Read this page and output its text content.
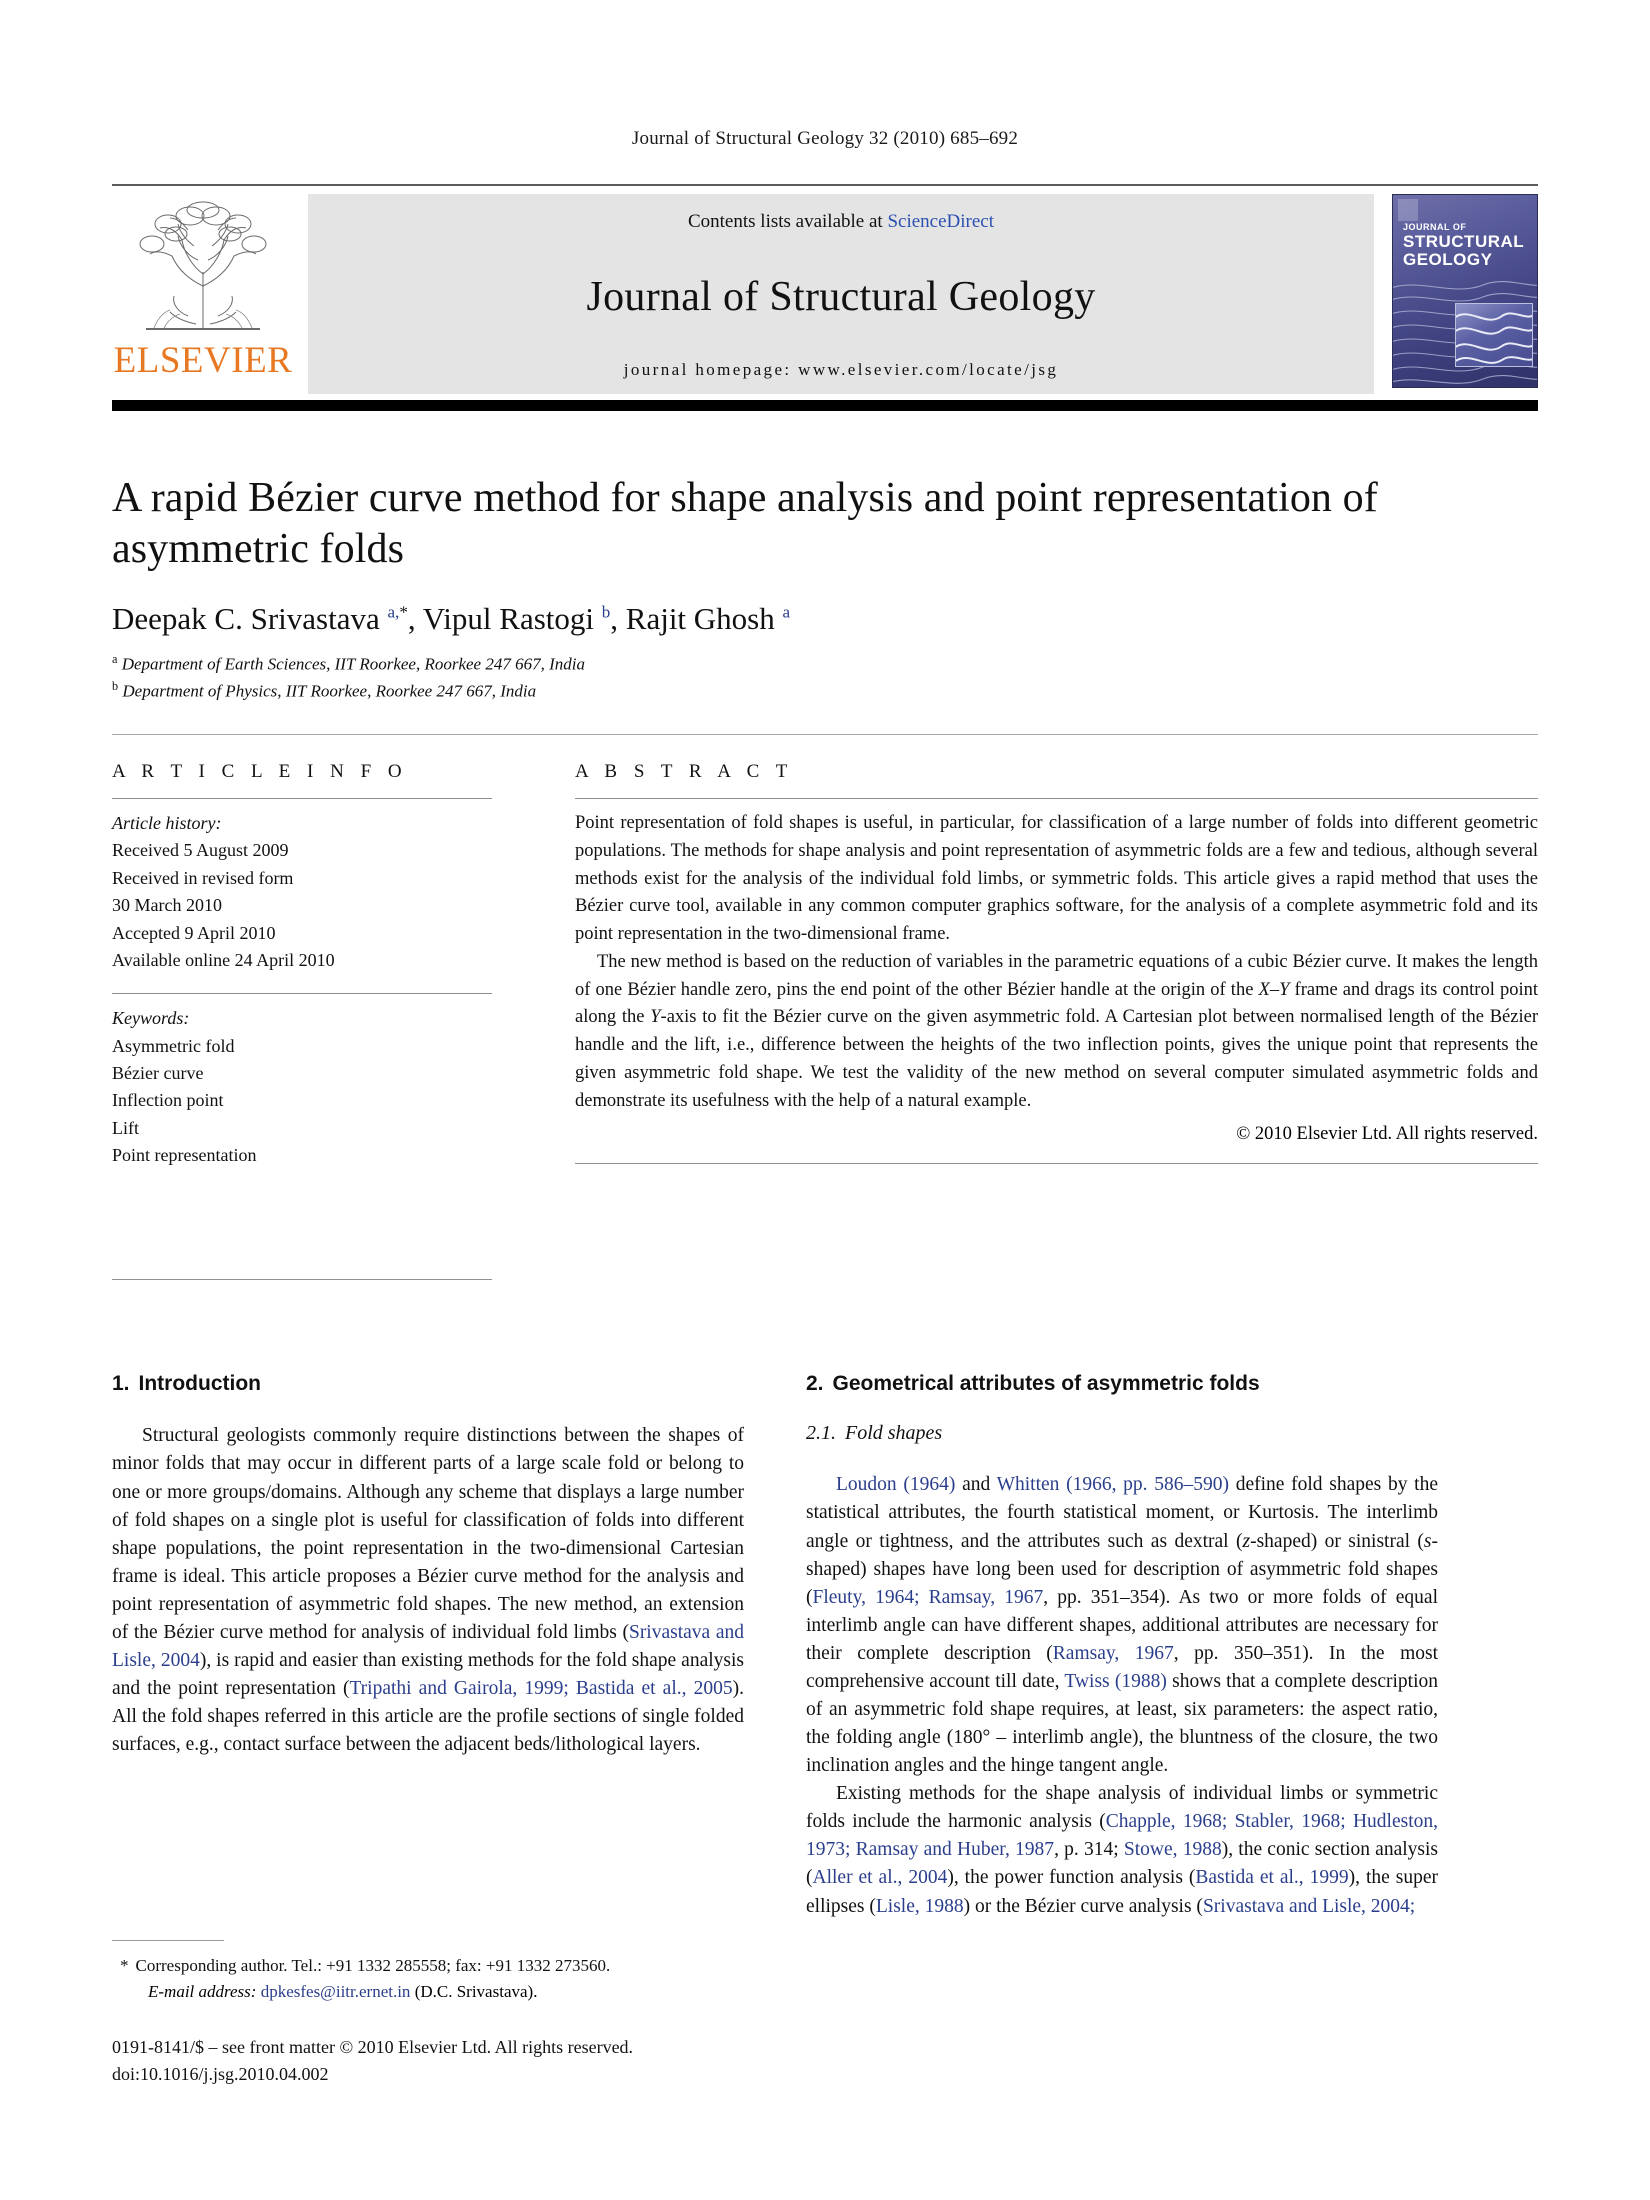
Journal of Structural Geology 32 (2010) 685–692
ELSEVIER
Contents lists available at ScienceDirect
Journal of Structural Geology
journal homepage: www.elsevier.com/locate/jsg
JOURNAL OF
STRUCTURAL
GEOLOGY
A rapid Bézier curve method for shape analysis and point representation of asymmetric folds
Deepak C. Srivastava $^{a,*}$, Vipul Rastogi $^b$, Rajit Ghosh $^a$
$^a$ Department of Earth Sciences, IIT Roorkee, Roorkee 247 667, India
$^b$ Department of Physics, IIT Roorkee, Roorkee 247 667, India
A R T I C L E I N F O
Article history:
Received 5 August 2009
Received in revised form
30 March 2010
Accepted 9 April 2010
Available online 24 April 2010
Keywords:
Asymmetric fold
Bézier curve
Inflection point
Lift
Point representation
A B S T R A C T

Point representation of fold shapes is useful, in particular, for classification of a large number of folds into different geometric populations. The methods for shape analysis and point representation of asymmetric folds are a few and tedious, although several methods exist for the analysis of the individual fold limbs, or symmetric folds. This article gives a rapid method that uses the Bézier curve tool, available in any common computer graphics software, for the analysis of a complete asymmetric fold and its point representation in the two-dimensional frame.

The new method is based on the reduction of variables in the parametric equations of a cubic Bézier curve. It makes the length of one Bézier handle zero, pins the end point of the other Bézier handle at the origin of the X–Y frame and drags its control point along the Y-axis to fit the Bézier curve on the given asymmetric fold. A Cartesian plot between normalised length of the Bézier handle and the lift, i.e., difference between the heights of the two inflection points, gives the unique point that represents the given asymmetric fold shape. We test the validity of the new method on several computer simulated asymmetric folds and demonstrate its usefulness with the help of a natural example.

© 2010 Elsevier Ltd. All rights reserved.
1. Introduction

Structural geologists commonly require distinctions between the shapes of minor folds that may occur in different parts of a large scale fold or belong to one or more groups/domains. Although any scheme that displays a large number of fold shapes on a single plot is useful for classification of folds into different shape populations, the point representation in the two-dimensional Cartesian frame is ideal. This article proposes a Bézier curve method for the analysis and point representation of asymmetric fold shapes. The new method, an extension of the Bézier curve method for analysis of individual fold limbs (Srivastava and Lisle, 2004), is rapid and easier than existing methods for the fold shape analysis and the point representation (Tripathi and Gairola, 1999; Bastida et al., 2005). All the fold shapes referred in this article are the profile sections of single folded surfaces, e.g., contact surface between the adjacent beds/lithological layers.

2. Geometrical attributes of asymmetric folds
2.1. Fold shapes

Loudon (1964) and Whitten (1966, pp. 586–590) define fold shapes by the statistical attributes, the fourth statistical moment, or Kurtosis. The interlimb angle or tightness, and the attributes such as dextral (z-shaped) or sinistral (s-shaped) shapes have long been used for description of asymmetric fold shapes (Fleuty, 1964; Ramsay, 1967, pp. 351–354). As two or more folds of equal interlimb angle can have different shapes, additional attributes are necessary for their complete description (Ramsay, 1967, pp. 350–351). In the most comprehensive account till date, Twiss (1988) shows that a complete description of an asymmetric fold shape requires, at least, six parameters: the aspect ratio, the folding angle (180° – interlimb angle), the bluntness of the closure, the two inclination angles and the hinge tangent angle.

Existing methods for the shape analysis of individual limbs or symmetric folds include the harmonic analysis (Chapple, 1968; Stabler, 1968; Hudleston, 1973; Ramsay and Huber, 1987, p. 314; Stowe, 1988), the conic section analysis (Aller et al., 2004), the power function analysis (Bastida et al., 1999), the super ellipses (Lisle, 1988) or the Bézier curve analysis (Srivastava and Lisle, 2004;

* Corresponding author. Tel.: +91 1332 285558; fax: +91 1332 273560.
E-mail address: dpkesfes@iitr.ernet.in (D.C. Srivastava).
0191-8141/$ – see front matter © 2010 Elsevier Ltd. All rights reserved.
doi:10.1016/j.jsg.2010.04.002
